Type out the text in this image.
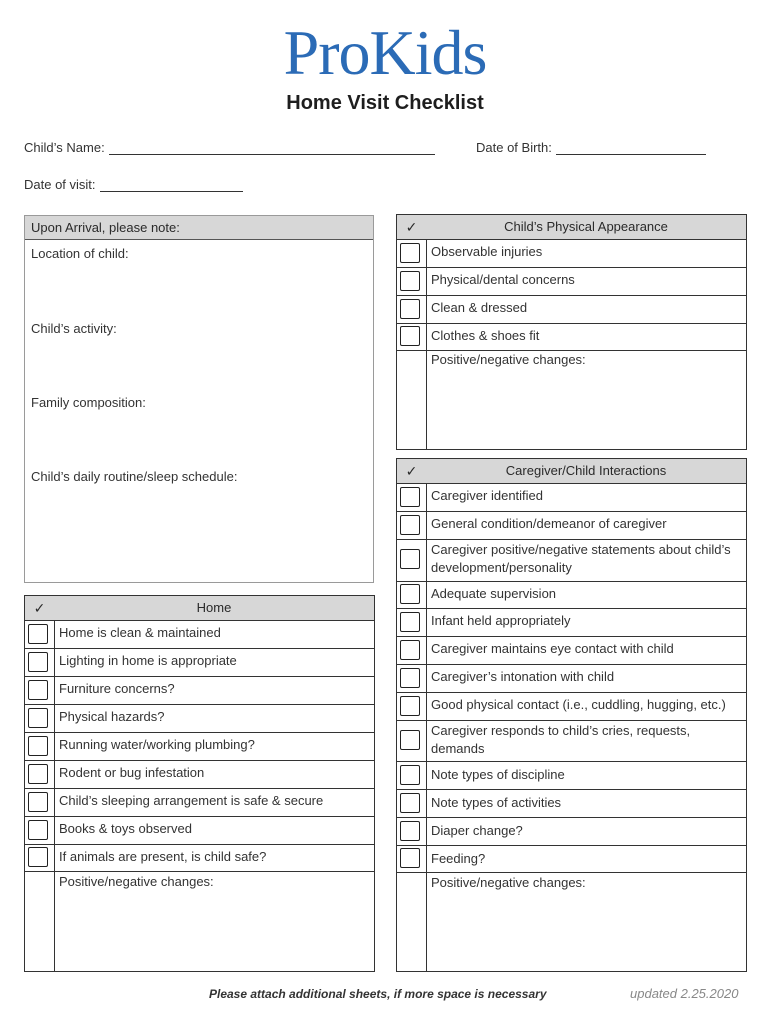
ProKids
Home Visit Checklist
Child’s Name:	Date of Birth:
Date of visit:
Upon Arrival, please note:
Location of child:
Child’s activity:
Family composition:
Child’s daily routine/sleep schedule:
✓	Child’s Physical Appearance
Observable injuries
Physical/dental concerns
Clean & dressed
Clothes & shoes fit
Positive/negative changes:
✓	Caregiver/Child Interactions
Caregiver identified
General condition/demeanor of caregiver
Caregiver positive/negative statements about child’s development/personality
Adequate supervision
Infant held appropriately
Caregiver maintains eye contact with child
Caregiver’s intonation with child
Good physical contact (i.e., cuddling, hugging, etc.)
Caregiver responds to child’s cries, requests, demands
Note types of discipline
Note types of activities
Diaper change?
Feeding?
Positive/negative changes:
✓	Home
Home is clean & maintained
Lighting in home is appropriate
Furniture concerns?
Physical hazards?
Running water/working plumbing?
Rodent or bug infestation
Child’s sleeping arrangement is safe & secure
Books & toys observed
If animals are present, is child safe?
Positive/negative changes:
Please attach additional sheets, if more space is necessary	updated 2.25.2020
